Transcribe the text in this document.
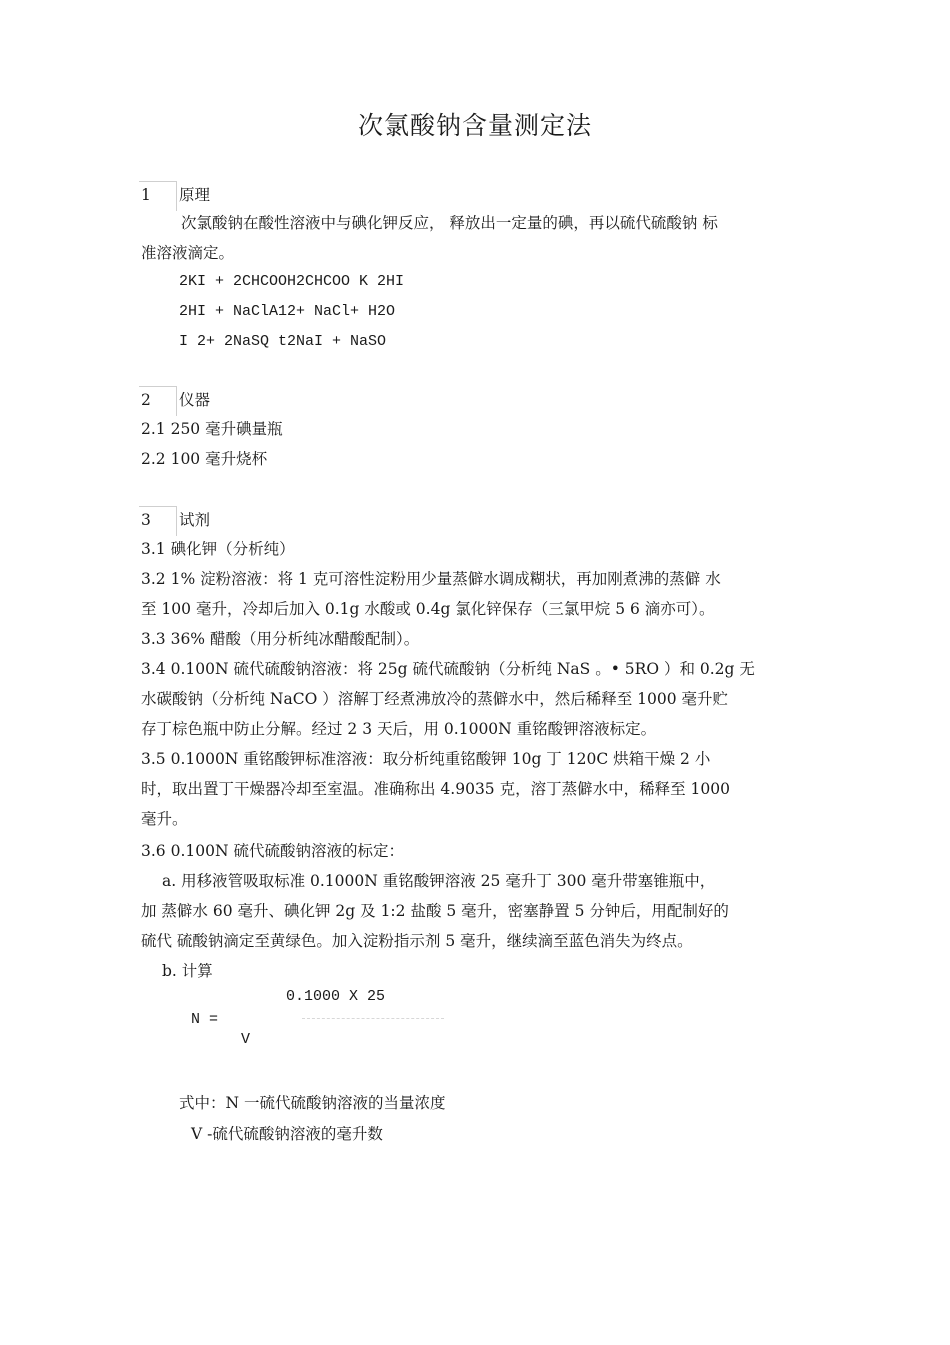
次氯酸钠含量测定法
1 原理
次氯酸钠在酸性溶液中与碘化钾反应， 释放出一定量的碘，再以硫代硫酸钠 标
准溶液滴定。
2KI + 2CHCOOH2CHCOO K 2HI
2HI + NaClA12+ NaCl+ H2O
I 2+ 2NaSQ t2NaI + NaSO
2 仪器
2.1 250 毫升碘量瓶
2.2 100 毫升烧杯
3 试剂
3.1 碘化钾（分析纯）
3.2 1% 淀粉溶液：将 1 克可溶性淀粉用少量蒸僻水调成糊状，再加刚煮沸的蒸僻 水
至 100 毫升，冷却后加入 0.1g 水酸或 0.4g 氯化锌保存（三氯甲烷 5 6 滴亦可）。
3.3 36% 醋酸（用分析纯冰醋酸配制）。
3.4 0.100N 硫代硫酸钠溶液：将 25g 硫代硫酸钠（分析纯 NaS 。• 5RO ）和 0.2g 无
水碳酸钠（分析纯 NaCO ）溶解丁经煮沸放冷的蒸僻水中，然后稀释至 1000 毫升贮
存丁棕色瓶中防止分解。经过 2 3 天后，用 0.1000N 重铭酸钾溶液标定。
3.5 0.1000N 重铭酸钾标准溶液：取分析纯重铭酸钾 10g 丁 120C 烘箱干燥 2 小
时，取出置丁干燥器冷却至室温。准确称出 4.9035 克，溶丁蒸僻水中，稀释至 1000
毫升。
3.6 0.100N 硫代硫酸钠溶液的标定：
a. 用移液管吸取标准 0.1000N 重铭酸钾溶液 25 毫升丁 300 毫升带塞锥瓶中，
加 蒸僻水 60 毫升、碘化钾 2g 及 1:2 盐酸 5 毫升，密塞静置 5 分钟后，用配制好的
硫代 硫酸钠滴定至黄绿色。加入淀粉指示剂 5 毫升，继续滴至蓝色消失为终点。
b. 计算
0.1000 X 25
N =
V
式中：N 一硫代硫酸钠溶液的当量浓度
V -硫代硫酸钠溶液的毫升数
